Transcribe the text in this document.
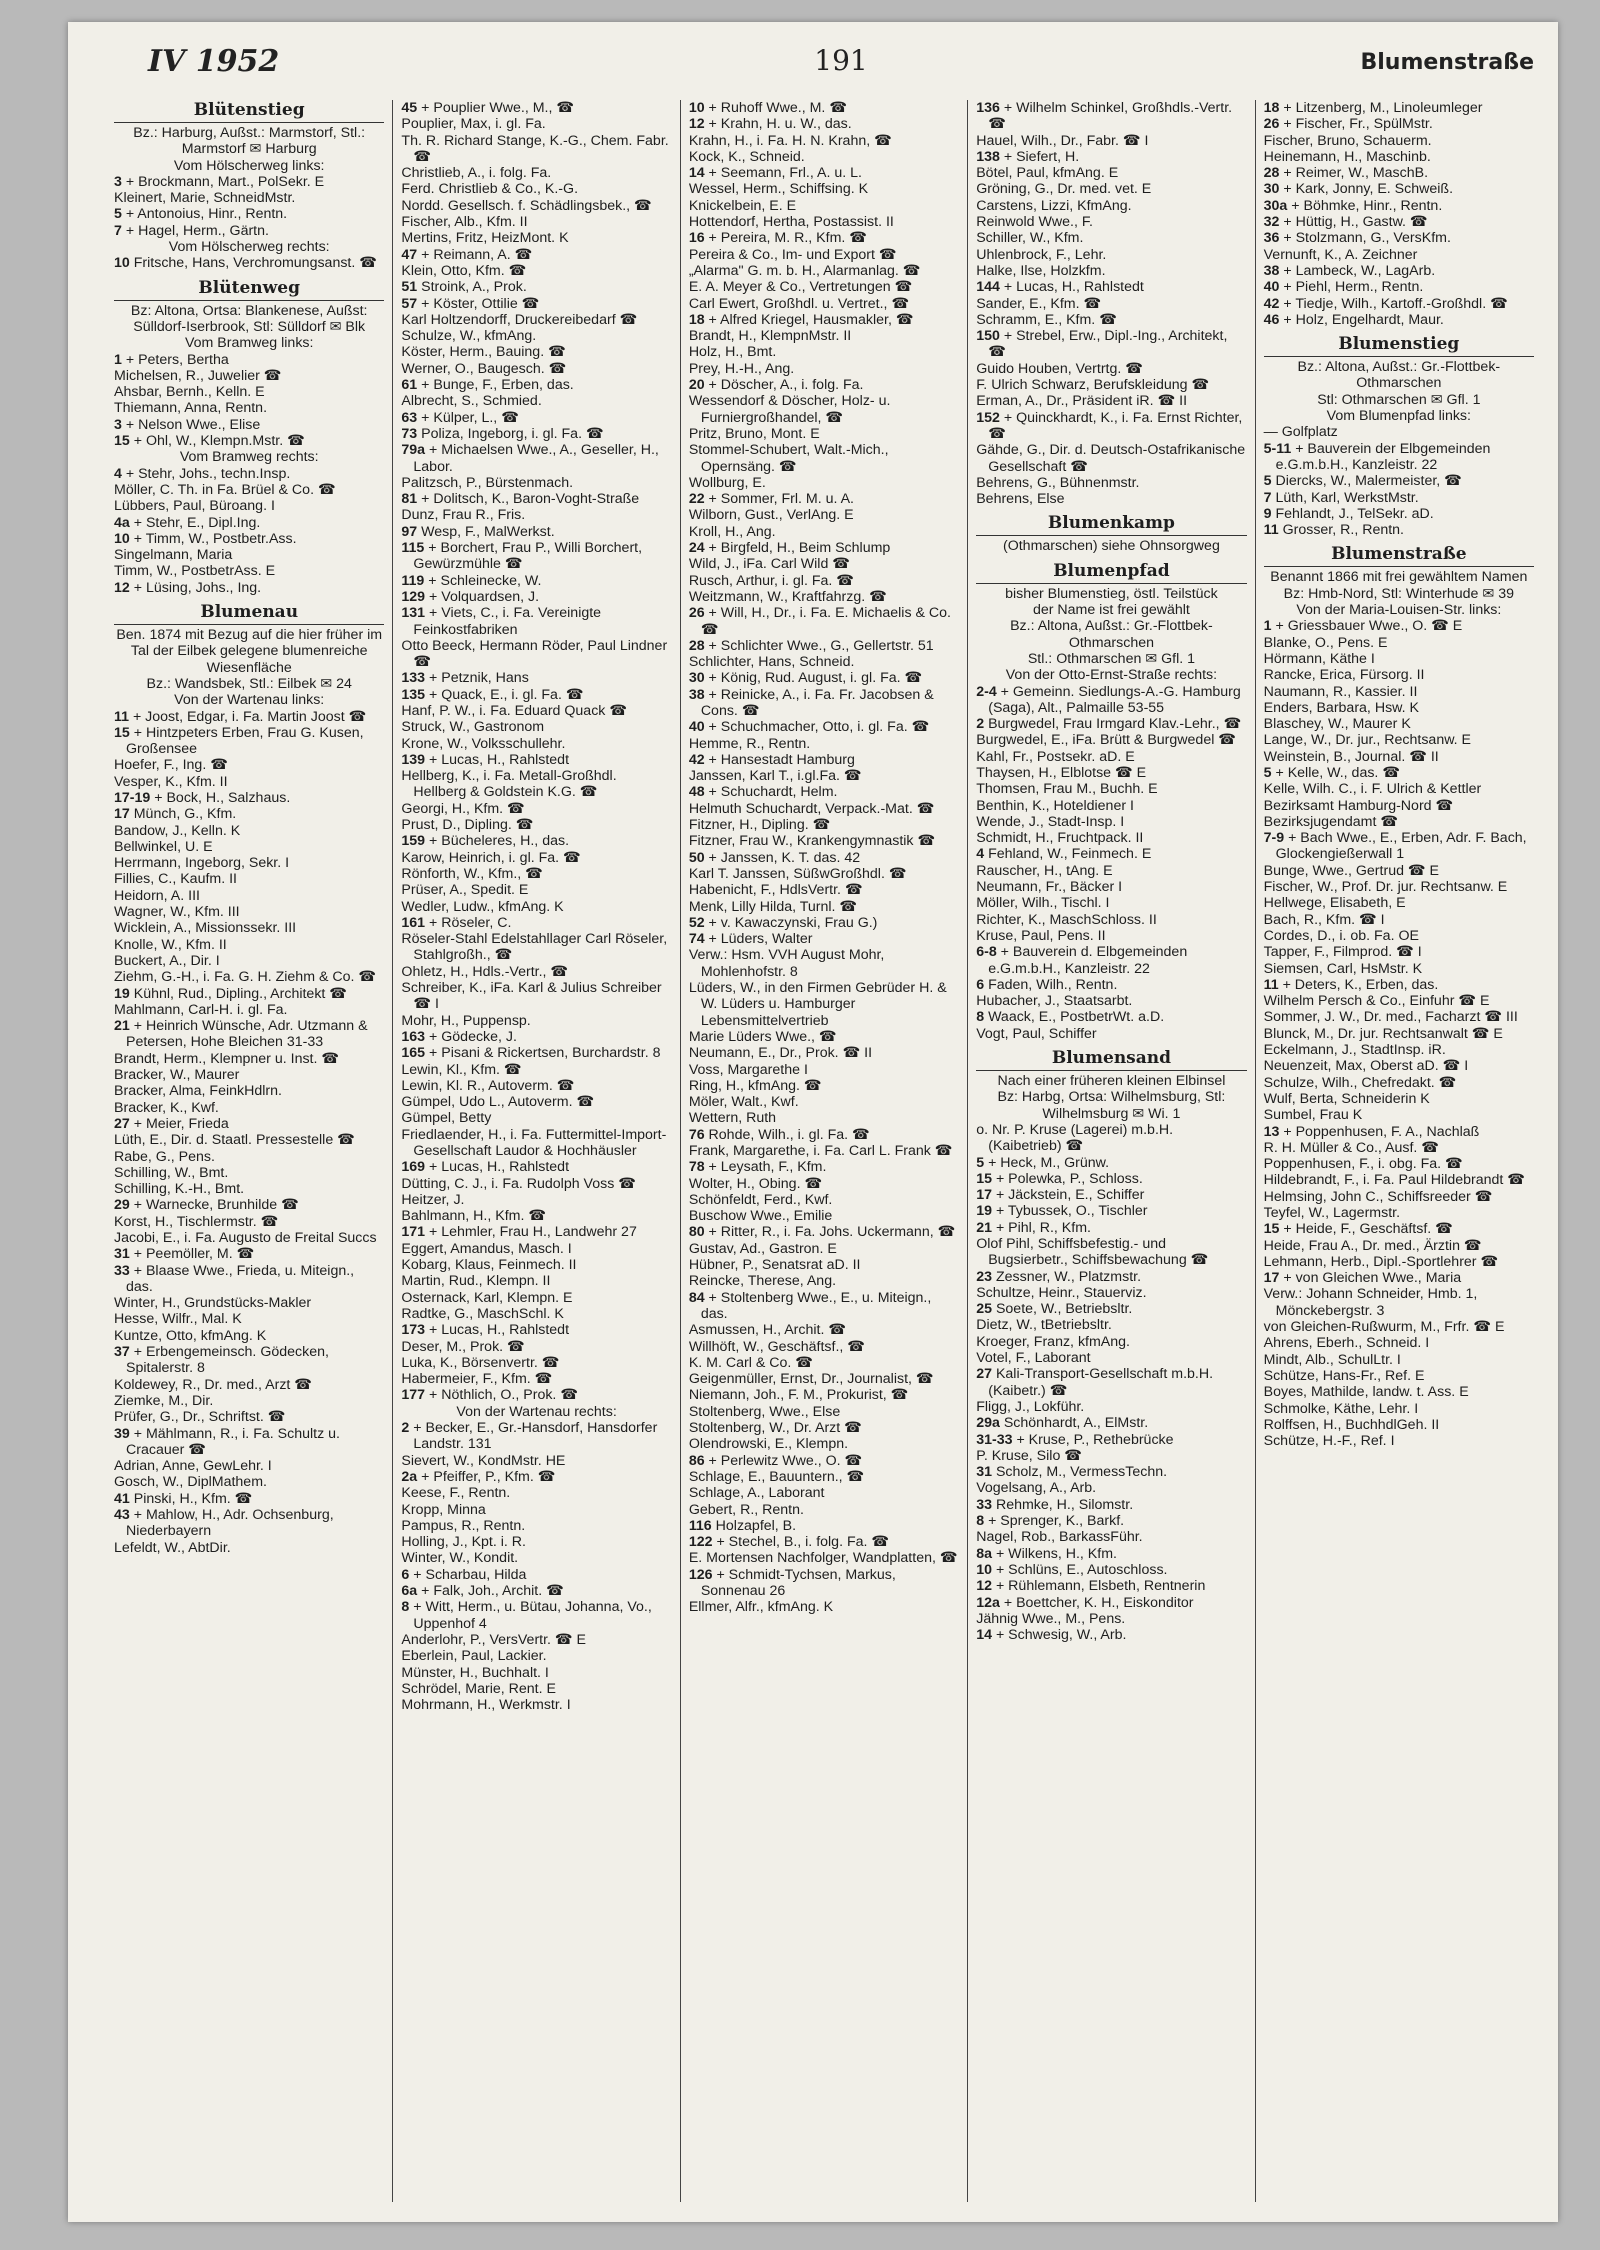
IV 1952	191	Blumenstraße
Blütenstieg
Bz.: Harburg, Außst.: Marmstorf, Stl.: Marmstorf ✉ Harburg
Vom Hölscherweg links:
3 + Brockmann, Mart., PolSekr. E
Kleinert, Marie, SchneidMstr.
5 + Antonoius, Hinr., Rentn.
7 + Hagel, Herm., Gärtn.
Vom Hölscherweg rechts:
10 Fritsche, Hans, Verchromungsanst. ☎
Blütenweg
Bz: Altona, Ortsa: Blankenese, Außst: Sülldorf-Iserbrook, Stl: Sülldorf ✉ Blk
Vom Bramweg links:
1 + Peters, Bertha
Michelsen, R., Juwelier ☎
Ahsbar, Bernh., Kelln. E
Thiemann, Anna, Rentn.
3 + Nelson Wwe., Elise
15 + Ohl, W., Klempn.Mstr. ☎
Vom Bramweg rechts:
4 + Stehr, Johs., techn.Insp.
Möller, C. Th. in Fa. Brüel & Co. ☎
Lübbers, Paul, Büroang. I
4a + Stehr, E., Dipl.Ing.
10 + Timm, W., Postbetr.Ass.
Singelmann, Maria
Timm, W., PostbetrAss. E
12 + Lüsing, Johs., Ing.
Blumenau
Ben. 1874 mit Bezug auf die hier früher im Tal der Eilbek gelegene blumenreiche Wiesenfläche
Bz.: Wandsbek, Stl.: Eilbek ✉ 24
Von der Wartenau links:
11 + Joost, Edgar, i. Fa. Martin Joost ☎
15 + Hintzpeters Erben, Frau G. Kusen, Großensee
Hoefer, F., Ing. ☎
Vesper, K., Kfm. II
17-19 + Bock, H., Salzhaus.
17 Münch, G., Kfm.
Bandow, J., Kelln. K
Bellwinkel, U. E
Herrmann, Ingeborg, Sekr. I
Fillies, C., Kaufm. II
Heidorn, A. III
Wagner, W., Kfm. III
Wicklein, A., Missionssekr. III
Knolle, W., Kfm. II
Buckert, A., Dir. I
Ziehm, G.-H., i. Fa. G. H. Ziehm & Co. ☎
19 Kühnl, Rud., Dipling., Architekt ☎
Mahlmann, Carl-H. i. gl. Fa.
21 + Heinrich Wünsche, Adr. Utzmann & Petersen, Hohe Bleichen 31-33
Brandt, Herm., Klempner u. Inst. ☎
Bracker, W., Maurer
Bracker, Alma, FeinkHdlrn.
Bracker, K., Kwf.
27 + Meier, Frieda
Lüth, E., Dir. d. Staatl. Pressestelle ☎
Rabe, G., Pens.
Schilling, W., Bmt.
Schilling, K.-H., Bmt.
29 + Warnecke, Brunhilde ☎
Korst, H., Tischlermstr. ☎
Jacobi, E., i. Fa. Augusto de Freital Succs
31 + Peemöller, M. ☎
33 + Blaase Wwe., Frieda, u. Miteign., das.
Winter, H., Grundstücks-Makler
Hesse, Wilfr., Mal. K
Kuntze, Otto, kfmAng. K
37 + Erbengemeinsch. Gödecken, Spitalerstr. 8
Koldewey, R., Dr. med., Arzt ☎
Ziemke, M., Dir.
Prüfer, G., Dr., Schriftst. ☎
39 + Mählmann, R., i. Fa. Schultz u. Cracauer ☎
Adrian, Anne, GewLehr. I
Gosch, W., DiplMathem.
41 Pinski, H., Kfm. ☎
43 + Mahlow, H., Adr. Ochsenburg, Niederbayern
Lefeldt, W., AbtDir.
45 + Pouplier Wwe., M., ☎
Pouplier, Max, i. gl. Fa.
Th. R. Richard Stange, K.-G., Chem. Fabr. ☎
Christlieb, A., i. folg. Fa.
Ferd. Christlieb & Co., K.-G.
Nordd. Gesellsch. f. Schädlingsbek., ☎
Fischer, Alb., Kfm. II
Mertins, Fritz, HeizMont. K
47 + Reimann, A. ☎
Klein, Otto, Kfm. ☎
51 Stroink, A., Prok.
57 + Köster, Ottilie ☎
Karl Holtzendorff, Druckereibedarf ☎
Schulze, W., kfmAng.
Köster, Herm., Bauing. ☎
Werner, O., Baugesch. ☎
61 + Bunge, F., Erben, das.
Albrecht, S., Schmied.
63 + Külper, L., ☎
73 Poliza, Ingeborg, i. gl. Fa. ☎
79a + Michaelsen Wwe., A., Geseller, H., Labor.
Palitzsch, P., Bürstenmach.
81 + Dolitsch, K., Baron-Voght-Straße
Dunz, Frau R., Fris.
97 Wesp, F., MalWerkst.
115 + Borchert, Frau P., Willi Borchert, Gewürzmühle ☎
119 + Schleinecke, W.
129 + Volquardsen, J.
131 + Viets, C., i. Fa. Vereinigte Feinkostfabriken
Otto Beeck, Hermann Röder, Paul Lindner ☎
133 + Petznik, Hans
135 + Quack, E., i. gl. Fa. ☎
Hanf, P. W., i. Fa. Eduard Quack ☎
Struck, W., Gastronom
Krone, W., Volksschullehr.
139 + Lucas, H., Rahlstedt
Hellberg, K., i. Fa. Metall-Großhdl. Hellberg & Goldstein K.G. ☎
Georgi, H., Kfm. ☎
Prust, D., Dipling. ☎
159 + Bücheleres, H., das.
Karow, Heinrich, i. gl. Fa. ☎
Rönforth, W., Kfm., ☎
Prüser, A., Spedit. E
Wedler, Ludw., kfmAng. K
161 + Röseler, C.
Röseler-Stahl Edelstahllager Carl Röseler, Stahlgroßh., ☎
Ohletz, H., Hdls.-Vertr., ☎
Schreiber, K., iFa. Karl & Julius Schreiber ☎ I
Mohr, H., Puppensp.
163 + Gödecke, J.
165 + Pisani & Rickertsen, Burchardstr. 8
Lewin, Kl., Kfm. ☎
Lewin, Kl. R., Autoverm. ☎
Gümpel, Udo L., Autoverm. ☎
Gümpel, Betty
Friedlaender, H., i. Fa. Futtermittel-Import-Gesellschaft Laudor & Hochhäusler
169 + Lucas, H., Rahlstedt
Dütting, C. J., i. Fa. Rudolph Voss ☎
Heitzer, J.
Bahlmann, H., Kfm. ☎
171 + Lehmler, Frau H., Landwehr 27
Eggert, Amandus, Masch. I
Kobarg, Klaus, Feinmech. II
Martin, Rud., Klempn. II
Osternack, Karl, Klempn. E
Radtke, G., MaschSchl. K
173 + Lucas, H., Rahlstedt
Deser, M., Prok. ☎
Luka, K., Börsenvertr. ☎
Habermeier, F., Kfm. ☎
177 + Nöthlich, O., Prok. ☎
Von der Wartenau rechts:
2 + Becker, E., Gr.-Hansdorf, Hansdorfer Landstr. 131
Sievert, W., KondMstr. HE
2a + Pfeiffer, P., Kfm. ☎
Keese, F., Rentn.
Kropp, Minna
Pampus, R., Rentn.
Holling, J., Kpt. i. R.
Winter, W., Kondit.
6 + Scharbau, Hilda
6a + Falk, Joh., Archit. ☎
8 + Witt, Herm., u. Bütau, Johanna, Vo., Uppenhof 4
Anderlohr, P., VersVertr. ☎ E
Eberlein, Paul, Lackier.
Münster, H., Buchhalt. I
Schrödel, Marie, Rent. E
Mohrmann, H., Werkmstr. I
10 + Ruhoff Wwe., M. ☎
12 + Krahn, H. u. W., das.
Krahn, H., i. Fa. H. N. Krahn, ☎
Kock, K., Schneid.
14 + Seemann, Frl., A. u. L.
Wessel, Herm., Schiffsing. K
Knickelbein, E. E
Hottendorf, Hertha, Postassist. II
16 + Pereira, M. R., Kfm. ☎
Pereira & Co., Im- und Export ☎
„Alarma" G. m. b. H., Alarmanlag. ☎
E. A. Meyer & Co., Vertretungen ☎
Carl Ewert, Großhdl. u. Vertret., ☎
18 + Alfred Kriegel, Hausmakler, ☎
Brandt, H., KlempnMstr. II
Holz, H., Bmt.
Prey, H.-H., Ang.
20 + Döscher, A., i. folg. Fa.
Wessendorf & Döscher, Holz- u. Furniergroßhandel, ☎
Pritz, Bruno, Mont. E
Stommel-Schubert, Walt.-Mich., Opernsäng. ☎
Wollburg, E.
22 + Sommer, Frl. M. u. A.
Wilborn, Gust., VerlAng. E
Kroll, H., Ang.
24 + Birgfeld, H., Beim Schlump
Wild, J., iFa. Carl Wild ☎
Rusch, Arthur, i. gl. Fa. ☎
Weitzmann, W., Kraftfahrzg. ☎
26 + Will, H., Dr., i. Fa. E. Michaelis & Co. ☎
28 + Schlichter Wwe., G., Gellertstr. 51
Schlichter, Hans, Schneid.
30 + König, Rud. August, i. gl. Fa. ☎
38 + Reinicke, A., i. Fa. Fr. Jacobsen & Cons. ☎
40 + Schuchmacher, Otto, i. gl. Fa. ☎
Hemme, R., Rentn.
42 + Hansestadt Hamburg
Janssen, Karl T., i.gl.Fa. ☎
48 + Schuchardt, Helm.
Helmuth Schuchardt, Verpack.-Mat. ☎
Fitzner, H., Dipling. ☎
Fitzner, Frau W., Krankengymnastik ☎
50 + Janssen, K. T. das. 42
Karl T. Janssen, SüßwGroßhdl. ☎
Habenicht, F., HdlsVertr. ☎
Menk, Lilly Hilda, Turnl. ☎
52 + v. Kawaczynski, Frau G.)
74 + Lüders, Walter
Verw.: Hsm. VVH August Mohr, Mohlenhofstr. 8
Lüders, W., in den Firmen Gebrüder H. & W. Lüders u. Hamburger Lebensmittelvertrieb
Marie Lüders Wwe., ☎
Neumann, E., Dr., Prok. ☎ II
Voss, Margarethe I
Ring, H., kfmAng. ☎
Möler, Walt., Kwf.
Wettern, Ruth
76 Rohde, Wilh., i. gl. Fa. ☎
Frank, Margarethe, i. Fa. Carl L. Frank ☎
78 + Leysath, F., Kfm.
Wolter, H., Obing. ☎
Schönfeldt, Ferd., Kwf.
Buschow Wwe., Emilie
80 + Ritter, R., i. Fa. Johs. Uckermann, ☎
Gustav, Ad., Gastron. E
Hübner, P., Senatsrat aD. II
Reincke, Therese, Ang.
84 + Stoltenberg Wwe., E., u. Miteign., das.
Asmussen, H., Archit. ☎
Willhöft, W., Geschäftsf., ☎
K. M. Carl & Co. ☎
Geigenmüller, Ernst, Dr., Journalist, ☎
Niemann, Joh., F. M., Prokurist, ☎
Stoltenberg, Wwe., Else
Stoltenberg, W., Dr. Arzt ☎
Olendrowski, E., Klempn.
86 + Perlewitz Wwe., O. ☎
Schlage, E., Bauuntern., ☎
Schlage, A., Laborant
Gebert, R., Rentn.
116 Holzapfel, B.
122 + Stechel, B., i. folg. Fa. ☎
E. Mortensen Nachfolger, Wandplatten, ☎
126 + Schmidt-Tychsen, Markus, Sonnenau 26
Ellmer, Alfr., kfmAng. K
136 + Wilhelm Schinkel, Großhdls.-Vertr. ☎
Hauel, Wilh., Dr., Fabr. ☎ I
138 + Siefert, H.
Bötel, Paul, kfmAng. E
Gröning, G., Dr. med. vet. E
Carstens, Lizzi, KfmAng.
Reinwold Wwe., F.
Schiller, W., Kfm.
Uhlenbrock, F., Lehr.
Halke, Ilse, Holzkfm.
144 + Lucas, H., Rahlstedt
Sander, E., Kfm. ☎
Schramm, E., Kfm. ☎
150 + Strebel, Erw., Dipl.-Ing., Architekt, ☎
Guido Houben, Vertrtg. ☎
F. Ulrich Schwarz, Berufskleidung ☎
Erman, A., Dr., Präsident iR. ☎ II
152 + Quinckhardt, K., i. Fa. Ernst Richter, ☎
Gähde, G., Dir. d. Deutsch-Ostafrikanische Gesellschaft ☎
Behrens, G., Bühnenmstr.
Behrens, Else
Blumenkamp
(Othmarschen) siehe Ohnsorgweg
Blumenpfad
bisher Blumenstieg, östl. Teilstück
der Name ist frei gewählt
Bz.: Altona, Außst.: Gr.-Flottbek-Othmarschen
Stl.: Othmarschen ✉ Gfl. 1
Von der Otto-Ernst-Straße rechts:
2-4 + Gemeinn. Siedlungs-A.-G. Hamburg (Saga), Alt., Palmaille 53-55
2 Burgwedel, Frau Irmgard Klav.-Lehr., ☎
Burgwedel, E., iFa. Brütt & Burgwedel ☎
Kahl, Fr., Postsekr. aD. E
Thaysen, H., Elblotse ☎ E
Thomsen, Frau M., Buchh. E
Benthin, K., Hoteldiener I
Wende, J., Stadt-Insp. I
Schmidt, H., Fruchtpack. II
4 Fehland, W., Feinmech. E
Rauscher, H., tAng. E
Neumann, Fr., Bäcker I
Möller, Wilh., Tischl. I
Richter, K., MaschSchloss. II
Kruse, Paul, Pens. II
6-8 + Bauverein d. Elbgemeinden e.G.m.b.H., Kanzleistr. 22
6 Faden, Wilh., Rentn.
Hubacher, J., Staatsarbt.
8 Waack, E., PostbetrWt. a.D.
Vogt, Paul, Schiffer
Blumensand
Nach einer früheren kleinen Elbinsel
Bz: Harbg, Ortsa: Wilhelmsburg, Stl: Wilhelmsburg ✉ Wi. 1
o. Nr. P. Kruse (Lagerei) m.b.H. (Kaibetrieb) ☎
5 + Heck, M., Grünw.
15 + Polewka, P., Schloss.
17 + Jäckstein, E., Schiffer
19 + Tybussek, O., Tischler
21 + Pihl, R., Kfm.
Olof Pihl, Schiffsbefestig.- und Bugsierbetr., Schiffsbewachung ☎
23 Zessner, W., Platzmstr.
Schultze, Heinr., Stauerviz.
25 Soete, W., Betriebsltr.
Dietz, W., tBetriebsltr.
Kroeger, Franz, kfmAng.
Votel, F., Laborant
27 Kali-Transport-Gesellschaft m.b.H. (Kaibetr.) ☎
Fligg, J., Lokführ.
29a Schönhardt, A., ElMstr.
31-33 + Kruse, P., Rethebrücke
P. Kruse, Silo ☎
31 Scholz, M., VermessTechn.
Vogelsang, A., Arb.
33 Rehmke, H., Silomstr.
8 + Sprenger, K., Barkf.
Nagel, Rob., BarkassFühr.
8a + Wilkens, H., Kfm.
10 + Schlüns, E., Autoschloss.
12 + Rühlemann, Elsbeth, Rentnerin
12a + Boettcher, K. H., Eiskonditor
Jähnig Wwe., M., Pens.
14 + Schwesig, W., Arb.
18 + Litzenberg, M., Linoleumleger
26 + Fischer, Fr., SpülMstr.
Fischer, Bruno, Schauerm.
Heinemann, H., Maschinb.
28 + Reimer, W., MaschB.
30 + Kark, Jonny, E. Schweiß.
30a + Böhmke, Hinr., Rentn.
32 + Hüttig, H., Gastw. ☎
36 + Stolzmann, G., VersKfm.
Vernunft, K., A. Zeichner
38 + Lambeck, W., LagArb.
40 + Piehl, Herm., Rentn.
42 + Tiedje, Wilh., Kartoff.-Großhdl. ☎
46 + Holz, Engelhardt, Maur.
Blumenstieg
Bz.: Altona, Außst.: Gr.-Flottbek-Othmarschen
Stl: Othmarschen ✉ Gfl. 1
Vom Blumenpfad links:
— Golfplatz
5-11 + Bauverein der Elbgemeinden e.G.m.b.H., Kanzleistr. 22
5 Diercks, W., Malermeister, ☎
7 Lüth, Karl, WerkstMstr.
9 Fehlandt, J., TelSekr. aD.
11 Grosser, R., Rentn.
Blumenstraße
Benannt 1866 mit frei gewähltem Namen
Bz: Hmb-Nord, Stl: Winterhude ✉ 39
Von der Maria-Louisen-Str. links:
1 + Griessbauer Wwe., O. ☎ E
Blanke, O., Pens. E
Hörmann, Käthe I
Rancke, Erica, Fürsorg. II
Naumann, R., Kassier. II
Enders, Barbara, Hsw. K
Blaschey, W., Maurer K
Lange, W., Dr. jur., Rechtsanw. E
Weinstein, B., Journal. ☎ II
5 + Kelle, W., das. ☎
Kelle, Wilh. C., i. F. Ulrich & Kettler
Bezirksamt Hamburg-Nord ☎
Bezirksjugendamt ☎
7-9 + Bach Wwe., E., Erben, Adr. F. Bach, Glockengießerwall 1
Bunge, Wwe., Gertrud ☎ E
Fischer, W., Prof. Dr. jur. Rechtsanw. E
Hellwege, Elisabeth, E
Bach, R., Kfm. ☎ I
Cordes, D., i. ob. Fa. OE
Tapper, F., Filmprod. ☎ I
Siemsen, Carl, HsMstr. K
11 + Deters, K., Erben, das.
Wilhelm Persch & Co., Einfuhr ☎ E
Sommer, J. W., Dr. med., Facharzt ☎ III
Blunck, M., Dr. jur. Rechtsanwalt ☎ E
Eckelmann, J., StadtInsp. iR.
Neuenzeit, Max, Oberst aD. ☎ I
Schulze, Wilh., Chefredakt. ☎
Wulf, Berta, Schneiderin K
Sumbel, Frau K
13 + Poppenhusen, F. A., Nachlaß
R. H. Müller & Co., Ausf. ☎
Poppenhusen, F., i. obg. Fa. ☎
Hildebrandt, F., i. Fa. Paul Hildebrandt ☎
Helmsing, John C., Schiffsreeder ☎
Teyfel, W., Lagermstr.
15 + Heide, F., Geschäftsf. ☎
Heide, Frau A., Dr. med., Ärztin ☎
Lehmann, Herb., Dipl.-Sportlehrer ☎
17 + von Gleichen Wwe., Maria
Verw.: Johann Schneider, Hmb. 1, Mönckebergstr. 3
von Gleichen-Rußwurm, M., Frfr. ☎ E
Ahrens, Eberh., Schneid. I
Mindt, Alb., SchulLtr. I
Schütze, Hans-Fr., Ref. E
Boyes, Mathilde, landw. t. Ass. E
Schmolke, Käthe, Lehr. I
Rolffsen, H., BuchhdlGeh. II
Schütze, H.-F., Ref. I
